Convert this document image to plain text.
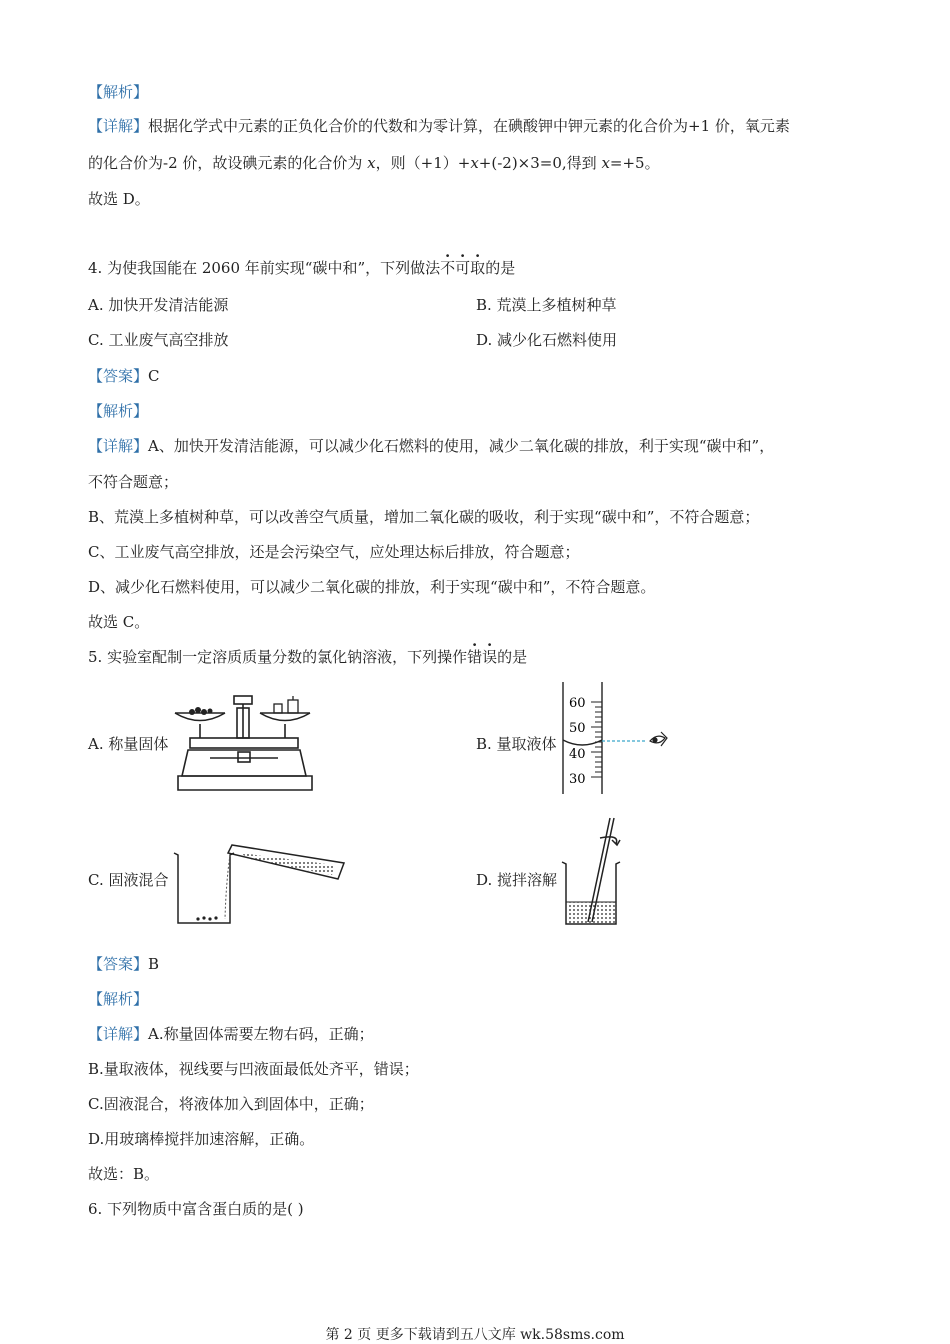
【解析】
【详解】根据化学式中元素的正负化合价的代数和为零计算，在碘酸钾中钾元素的化合价为+1 价，氧元素
的化合价为-2 价，故设碘元素的化合价为 x，则（+1）+x+(-2)×3=0,得到 x=+5。
故选 D。
4. 为使我国能在 2060 年前实现“碳中和”，下列做法不可取的是
A. 加快开发清洁能源	B. 荒漠上多植树种草
C. 工业废气高空排放	D. 减少化石燃料使用
【答案】C
【解析】
【详解】A、加快开发清洁能源，可以减少化石燃料的使用，减少二氧化碳的排放，利于实现“碳中和”，
不符合题意；
B、荒漠上多植树种草，可以改善空气质量，增加二氧化碳的吸收，利于实现“碳中和”，不符合题意；
C、工业废气高空排放，还是会污染空气，应处理达标后排放，符合题意；
D、减少化石燃料使用，可以减少二氧化碳的排放，利于实现“碳中和”，不符合题意。
故选 C。
5. 实验室配制一定溶质质量分数的氯化钠溶液，下列操作错误的是
A. 称量固体	B. 量取液体
60
50
40
30
C. 固液混合	D. 搅拌溶解
【答案】B
【解析】
【详解】A.称量固体需要左物右码，正确；
B.量取液体，视线要与凹液面最低处齐平，错误；
C.固液混合，将液体加入到固体中，正确；
D.用玻璃棒搅拌加速溶解，正确。
故选：B。
6. 下列物质中富含蛋白质的是( )
第 2 页 更多下载请到五八文库 wk.58sms.com
